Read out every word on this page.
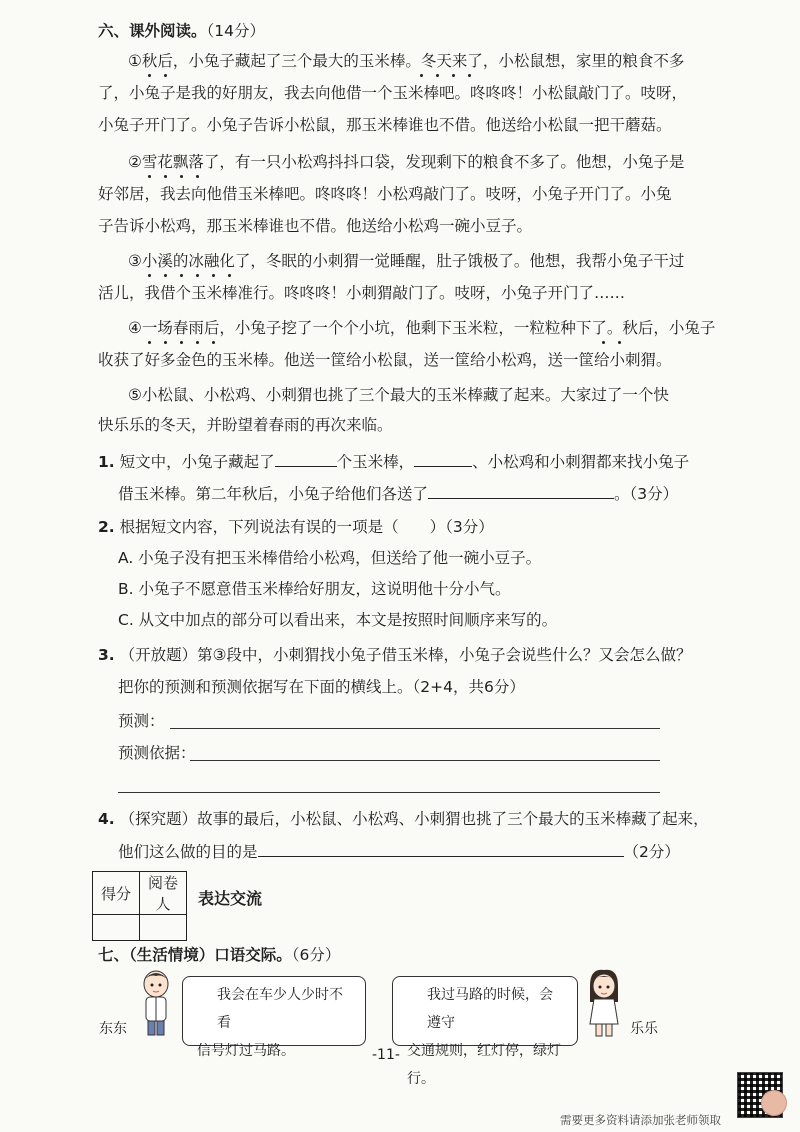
六、课外阅读。（14分）
①秋后，小兔子藏起了三个最大的玉米棒。冬天来了，小松鼠想，家里的粮食不多
了，小兔子是我的好朋友，我去向他借一个玉米棒吧。咚咚咚！小松鼠敲门了。吱呀，
小兔子开门了。小兔子告诉小松鼠，那玉米棒谁也不借。他送给小松鼠一把干蘑菇。
②雪花飘落了，有一只小松鸡抖抖口袋，发现剩下的粮食不多了。他想，小兔子是
好邻居，我去向他借玉米棒吧。咚咚咚！小松鸡敲门了。吱呀，小兔子开门了。小兔
子告诉小松鸡，那玉米棒谁也不借。他送给小松鸡一碗小豆子。
③小溪的冰融化了，冬眠的小刺猬一觉睡醒，肚子饿极了。他想，我帮小兔子干过
活儿，我借个玉米棒准行。咚咚咚！小刺猬敲门了。吱呀，小兔子开门了……
④一场春雨后，小兔子挖了一个个小坑，他剩下玉米粒，一粒粒种下了。秋后，小兔子
收获了好多金色的玉米棒。他送一筐给小松鼠，送一筐给小松鸡，送一筐给小刺猬。
⑤小松鼠、小松鸡、小刺猬也挑了三个最大的玉米棒藏了起来。大家过了一个快
快乐乐的冬天，并盼望着春雨的再次来临。
1. 短文中，小兔子藏起了	个玉米棒，	、小松鸡和小刺猬都来找小兔子
借玉米棒。第二年秋后，小兔子给他们各送了	。（3分）
2. 根据短文内容，下列说法有误的一项是（　　）（3分）
A. 小兔子没有把玉米棒借给小松鸡，但送给了他一碗小豆子。
B. 小兔子不愿意借玉米棒给好朋友，这说明他十分小气。
C. 从文中加点的部分可以看出来，本文是按照时间顺序来写的。
3. （开放题）第③段中，小刺猬找小兔子借玉米棒，小兔子会说些什么？又会怎么做？
把你的预测和预测依据写在下面的横线上。（2+4，共6分）
预测：
预测依据：
4. （探究题）故事的最后，小松鼠、小松鸡、小刺猬也挑了三个最大的玉米棒藏了起来，
他们这么做的目的是	（2分）
得分	阅卷人
	表达交流
七、（生活情境）口语交际。（6分）
东东
我会在车少人少时不看
信号灯过马路。
我过马路的时候，会遵守
交通规则，红灯停，绿灯行。
乐乐
-11-
需要更多资料请添加张老师领取
